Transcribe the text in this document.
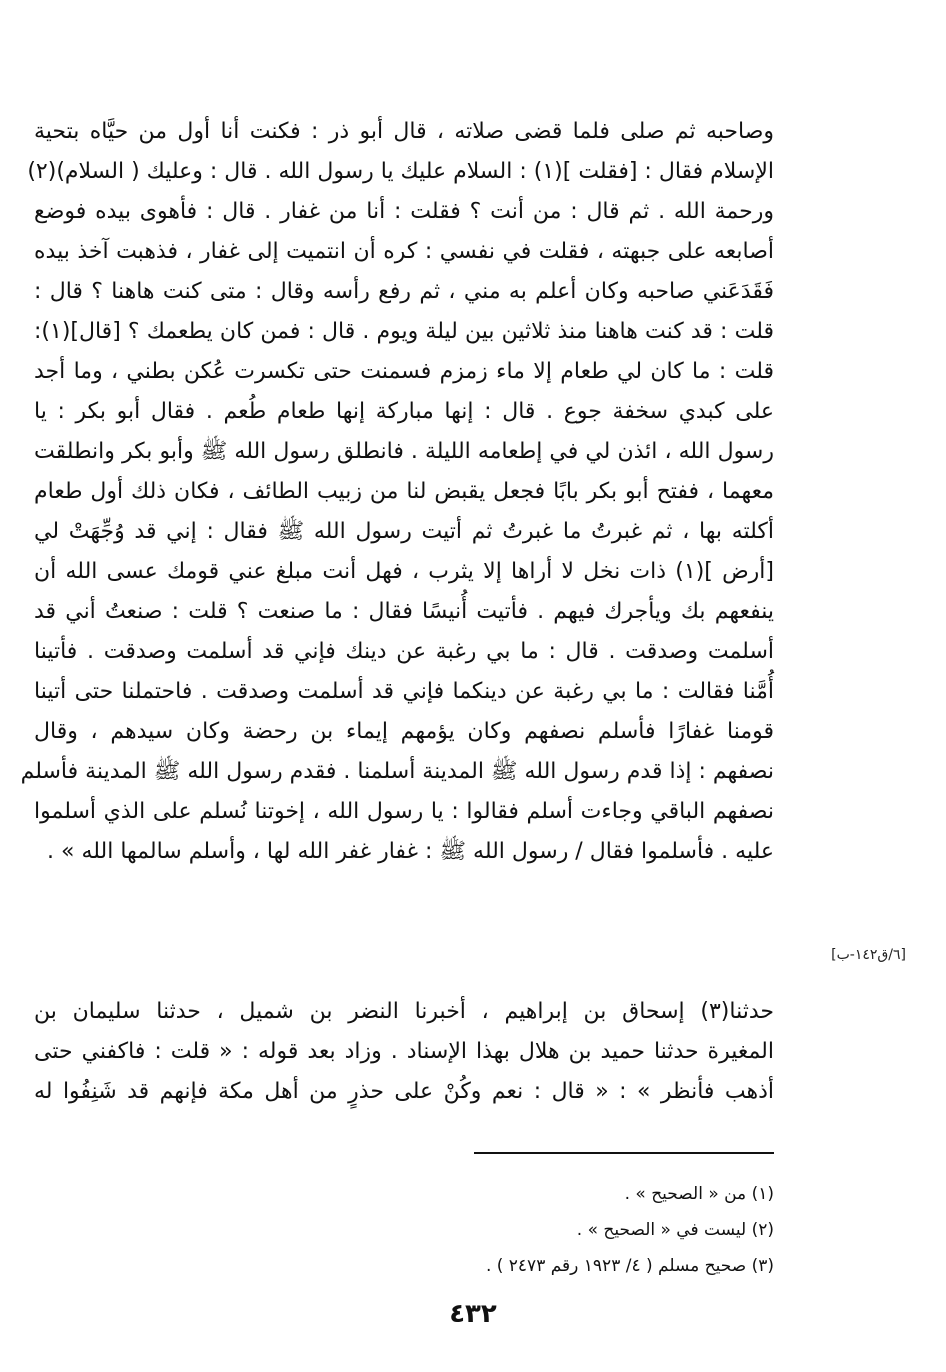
وصاحبه ثم صلى فلما قضى صلاته ، قال أبو ذر : فكنت أنا أول من حيَّاه بتحية
الإسلام فقال : [فقلت ](١) : السلام عليك يا رسول الله . قال : وعليك ( السلام)(٢)
ورحمة الله . ثم قال : من أنت ؟ فقلت : أنا من غفار . قال : فأهوى بيده فوضع
أصابعه على جبهته ، فقلت في نفسي : كره أن انتميت إلى غفار ، فذهبت آخذ بيده
فَقَدَعَني صاحبه وكان أعلم به مني ، ثم رفع رأسه وقال : متى كنت هاهنا ؟ قال :
قلت : قد كنت هاهنا منذ ثلاثين بين ليلة ويوم . قال : فمن كان يطعمك ؟ [قال](١):
قلت : ما كان لي طعام إلا ماء زمزم فسمنت حتى تكسرت عُكن بطني ، وما أجد
على كبدي سخفة جوع . قال : إنها مباركة إنها طعام طُعم . فقال أبو بكر : يا
رسول الله ، ائذن لي في إطعامه الليلة . فانطلق رسول الله ﷺ وأبو بكر وانطلقت
معهما ، ففتح أبو بكر بابًا فجعل يقبض لنا من زبيب الطائف ، فكان ذلك أول طعام
أكلته بها ، ثم غبرتُ ما غبرتُ ثم أتيت رسول الله ﷺ فقال : إني قد وُجِّهَتْ لي
[أرض ](١) ذات نخل لا أراها إلا يثرب ، فهل أنت مبلغ عني قومك عسى الله أن
ينفعهم بك ويأجرك فيهم . فأتيت أُنيسًا فقال : ما صنعت ؟ قلت : صنعتُ أني قد
أسلمت وصدقت . قال : ما بي رغبة عن دينك فإني قد أسلمت وصدقت . فأتينا
أُمَّنا فقالت : ما بي رغبة عن دينكما فإني قد أسلمت وصدقت . فاحتملنا حتى أتينا
قومنا غفارًا فأسلم نصفهم وكان يؤمهم إيماء بن رحضة وكان سيدهم ، وقال
نصفهم : إذا قدم رسول الله ﷺ المدينة أسلمنا . فقدم رسول الله ﷺ المدينة فأسلم
نصفهم الباقي وجاءت أسلم فقالوا : يا رسول الله ، إخوتنا نُسلم على الذي أسلموا
عليه . فأسلموا فقال / رسول الله ﷺ : غفار غفر الله لها ، وأسلم سالمها الله » .
[٦/ق١٤٢-ب]
حدثنا(٣) إسحاق بن إبراهيم ، أخبرنا النضر بن شميل ، حدثنا سليمان بن
المغيرة حدثنا حميد بن هلال بهذا الإسناد . وزاد بعد قوله : « قلت : فاكفني حتى
أذهب فأنظر » : « قال : نعم وكُنْ على حذرٍ من أهل مكة فإنهم قد شَنِفُوا له
(١) من « الصحيح » .
(٢) ليست في « الصحيح » .
(٣) صحيح مسلم ( ٤/ ١٩٢٣ رقم ٢٤٧٣ ) .
٤٣٢
